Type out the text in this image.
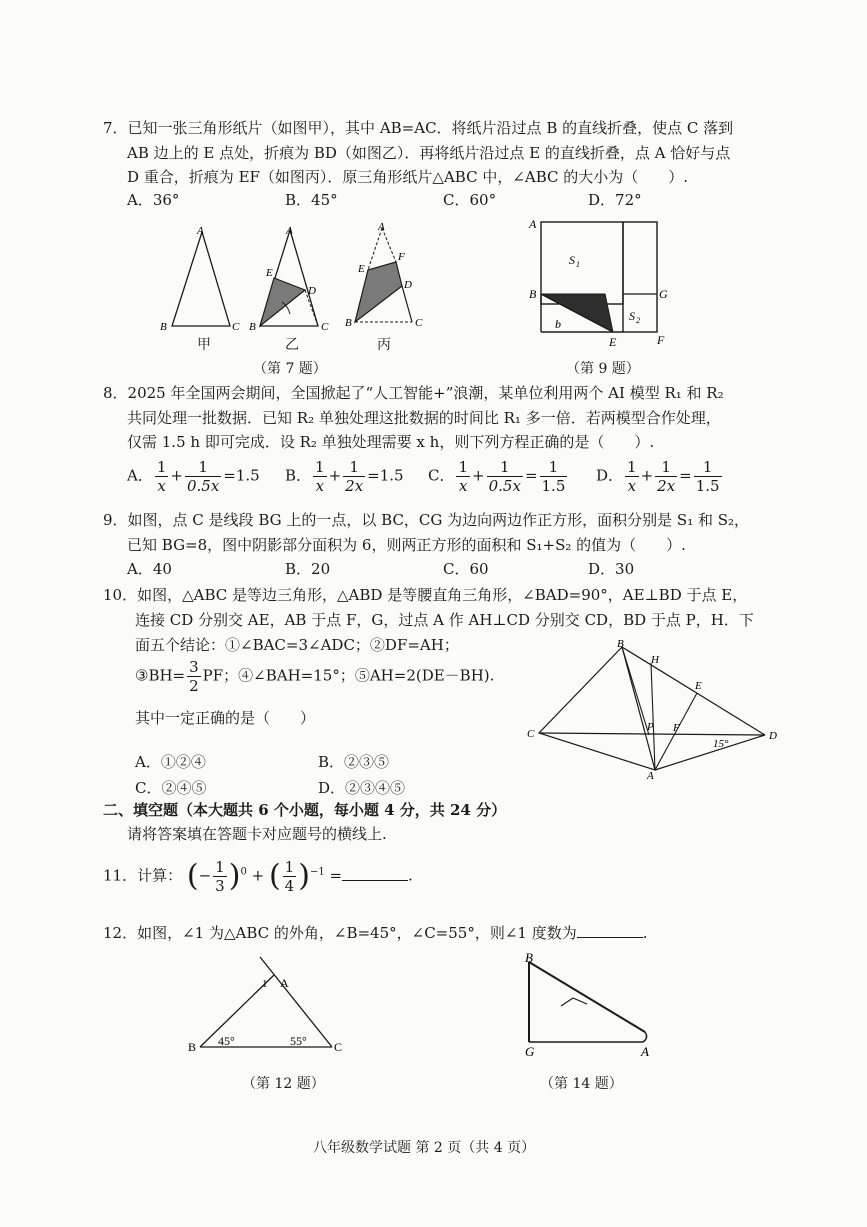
7．已知一张三角形纸片（如图甲），其中 AB=AC．将纸片沿过点 B 的直线折叠，使点 C 落到
AB 边上的 E 点处，折痕为 BD（如图乙）．再将纸片沿过点 E 的直线折叠，点 A 恰好与点
D 重合，折痕为 EF（如图丙）．原三角形纸片△ABC 中，∠ABC 的大小为（　　）.
A．36°	B．45°	C．60°	D．72°
A
B	C
A
E
D
B	C
A
F
E
D
B	C
甲	乙	丙
（第 7 题）
A
B
S 1
S 2
G
F
E
b
（第 9 题）
8．2025 年全国两会期间，全国掀起了“人工智能+”浪潮，某单位利用两个 AI 模型 R₁ 和 R₂
共同处理一批数据．已知 R₂ 单独处理这批数据的时间比 R₁ 多一倍．若两模型合作处理，
仅需 1.5 h 即可完成．设 R₂ 单独处理需要 x h，则下列方程正确的是（　　）.
A． $\frac{1}{x} + \frac{1}{0.5x} =1.5$ B． $\frac{1}{x} + \frac{1}{2x} =1.5$ C． $\frac{1}{x} + \frac{1}{0.5x} = \frac{1}{1.5}$ D． $\frac{1}{x} + \frac{1}{2x} = \frac{1}{1.5}$
9．如图，点 C 是线段 BG 上的一点，以 BC，CG 为边向两边作正方形，面积分别是 S₁ 和 S₂，
已知 BG=8，图中阴影部分面积为 6，则两正方形的面积和 S₁+S₂ 的值为（　　）.
A．40	B．20	C．60	D．30
10．如图，△ABC 是等边三角形，△ABD 是等腰直角三角形，∠BAD=90°，AE⊥BD 于点 E，
连接 CD 分别交 AE，AB 于点 F，G，过点 A 作 AH⊥CD 分别交 CD，BD 于点 P，H．下
面五个结论：①∠BAC=3∠ADC；②DF=AH；
③BH= $\frac{3}{2}$ PF；④∠BAH=15°；⑤AH=2(DE－BH).
其中一定正确的是（　　）
A．①②④	B．②③⑤
C．②④⑤	D．②③④⑤
B
H
E
C	D
P F
15°
A
二、填空题（本大题共 6 个小题，每小题 4 分，共 24 分）
请将答案填在答题卡对应题号的横线上.
11．计算： (− $\frac{1}{3} )^0$ + ( $\frac{1}{4} )^{-1}$ =	.
12．如图，∠1 为△ABC 的外角，∠B=45°，∠C=55°，则∠1 度数为	.
B	C
A
1
45°	55°
（第 12 题）
B
G	A
（第 14 题）
八年级数学试题 第 2 页（共 4 页）
